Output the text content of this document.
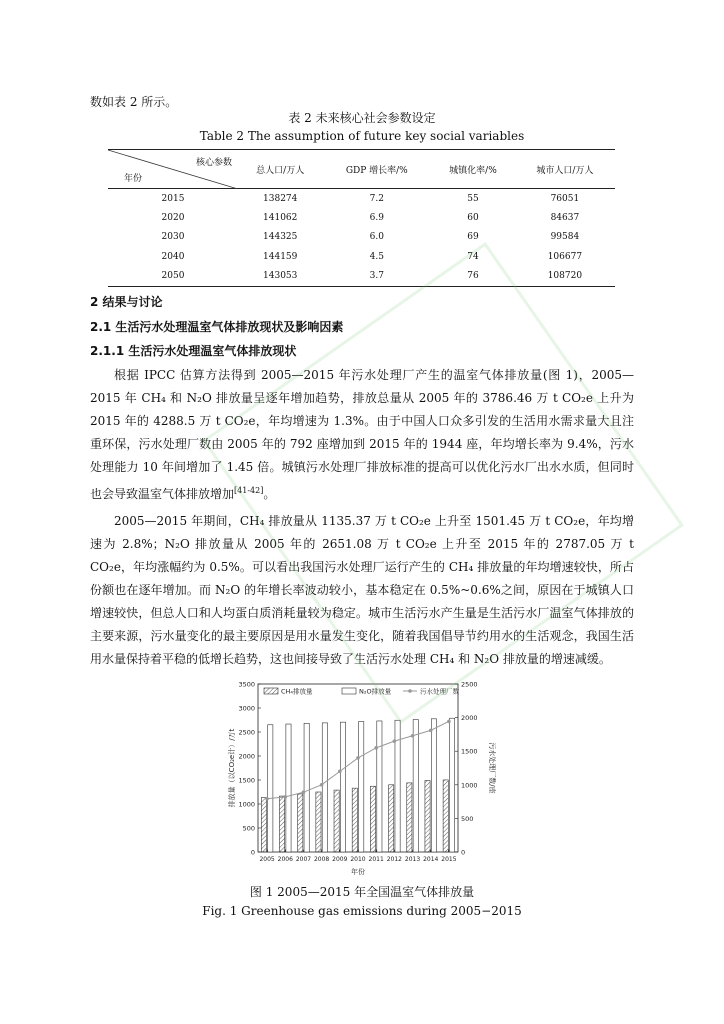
数如表 2 所示。
表 2 未来核心社会参数设定
Table 2 The assumption of future key social variables
核心参数
年份	总人口/万人	GDP 增长率/%	城镇化率/%	城市人口/万人
2015	138274	7.2	55	76051
2020	141062	6.9	60	84637
2030	144325	6.0	69	99584
2040	144159	4.5	74	106677
2050	143053	3.7	76	108720
2 结果与讨论
2.1 生活污水处理温室气体排放现状及影响因素
2.1.1 生活污水处理温室气体排放现状

根据 IPCC 估算方法得到 2005—2015 年污水处理厂产生的温室气体排放量(图 1)，2005—2015 年 CH₄ 和 N₂O 排放量呈逐年增加趋势，排放总量从 2005 年的 3786.46 万 t CO₂e 上升为 2015 年的 4288.5 万 t CO₂e，年均增速为 1.3%。由于中国人口众多引发的生活用水需求量大且注重环保，污水处理厂数由 2005 年的 792 座增加到 2015 年的 1944 座，年均增长率为 9.4%，污水处理能力 10 年间增加了 1.45 倍。城镇污水处理厂排放标准的提高可以优化污水厂出水水质，但同时也会导致温室气体排放增加[41-42]。

2005—2015 年期间，CH₄ 排放量从 1135.37 万 t CO₂e 上升至 1501.45 万 t CO₂e，年均增速为 2.8%；N₂O 排放量从 2005 年的 2651.08 万 t CO₂e 上升至 2015 年的 2787.05 万 t CO₂e，年均涨幅约为 0.5%。可以看出我国污水处理厂运行产生的 CH₄ 排放量的年均增速较快，所占份额也在逐年增加。而 N₂O 的年增长率波动较小，基本稳定在 0.5%~0.6%之间，原因在于城镇人口增速较快，但总人口和人均蛋白质消耗量较为稳定。城市生活污水产生量是生活污水厂温室气体排放的主要来源，污水量变化的最主要原因是用水量发生变化，随着我国倡导节约用水的生活观念，我国生活用水量保持着平稳的低增长趋势，这也间接导致了生活污水处理 CH₄ 和 N₂O 排放量的增速减缓。

0
500
1000
1500
2000
2500
3000
3500
0
500
1000
1500
2000
2500
2005 2006 2007 2008 2009 2010 2011 2012 2013 2014 2015
CH₄排放量	N₂O排放量	污水处理厂数
年份
排放量（以CO₂e计）/万t	污水处理厂数/座
图 1 2005—2015 年全国温室气体排放量
Fig. 1 Greenhouse gas emissions during 2005−2015
